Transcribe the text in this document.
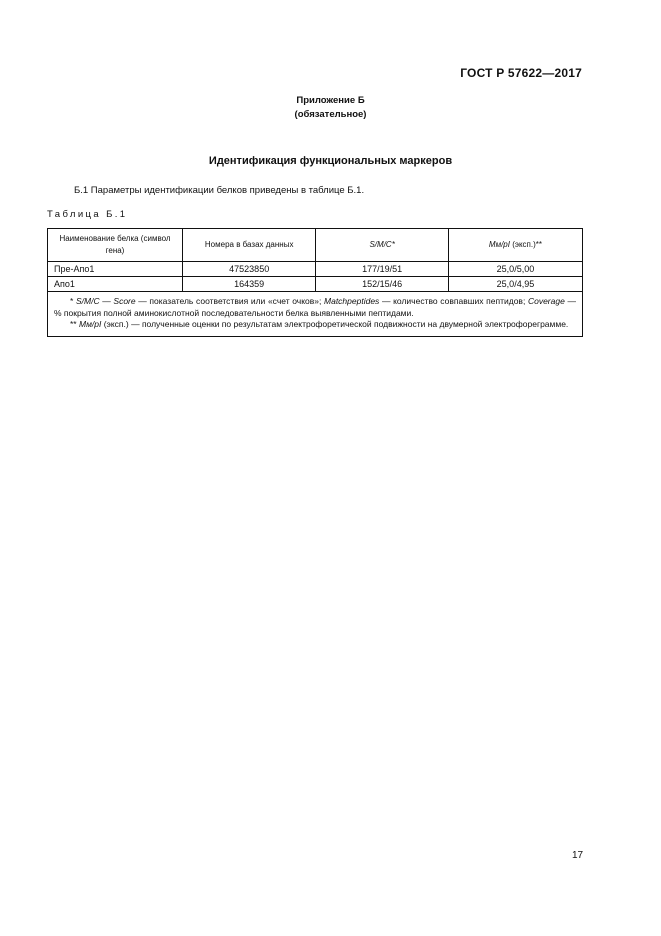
ГОСТ Р 57622—2017
Приложение Б
(обязательное)
Идентификация функциональных маркеров
Б.1 Параметры идентификации белков приведены в таблице Б.1.
Таблица Б.1
Наименование белка (символ гена)	Номера в базах данных	S/M/C*	Мм/pI (эксп.)**
Пре-Апо1	47523850	177/19/51	25,0/5,00
Апо1	164359	152/15/46	25,0/4,95

* S/M/C — Score — показатель соответствия или «счет очков»; Matchpeptides — количество совпавших пептидов; Coverage — % покрытия полной аминокислотной последовательности белка выявленными пептидами.
** Мм/pI (эксп.) — полученные оценки по результатам электрофоретической подвижности на двумерной электрофореграмме.			
17
